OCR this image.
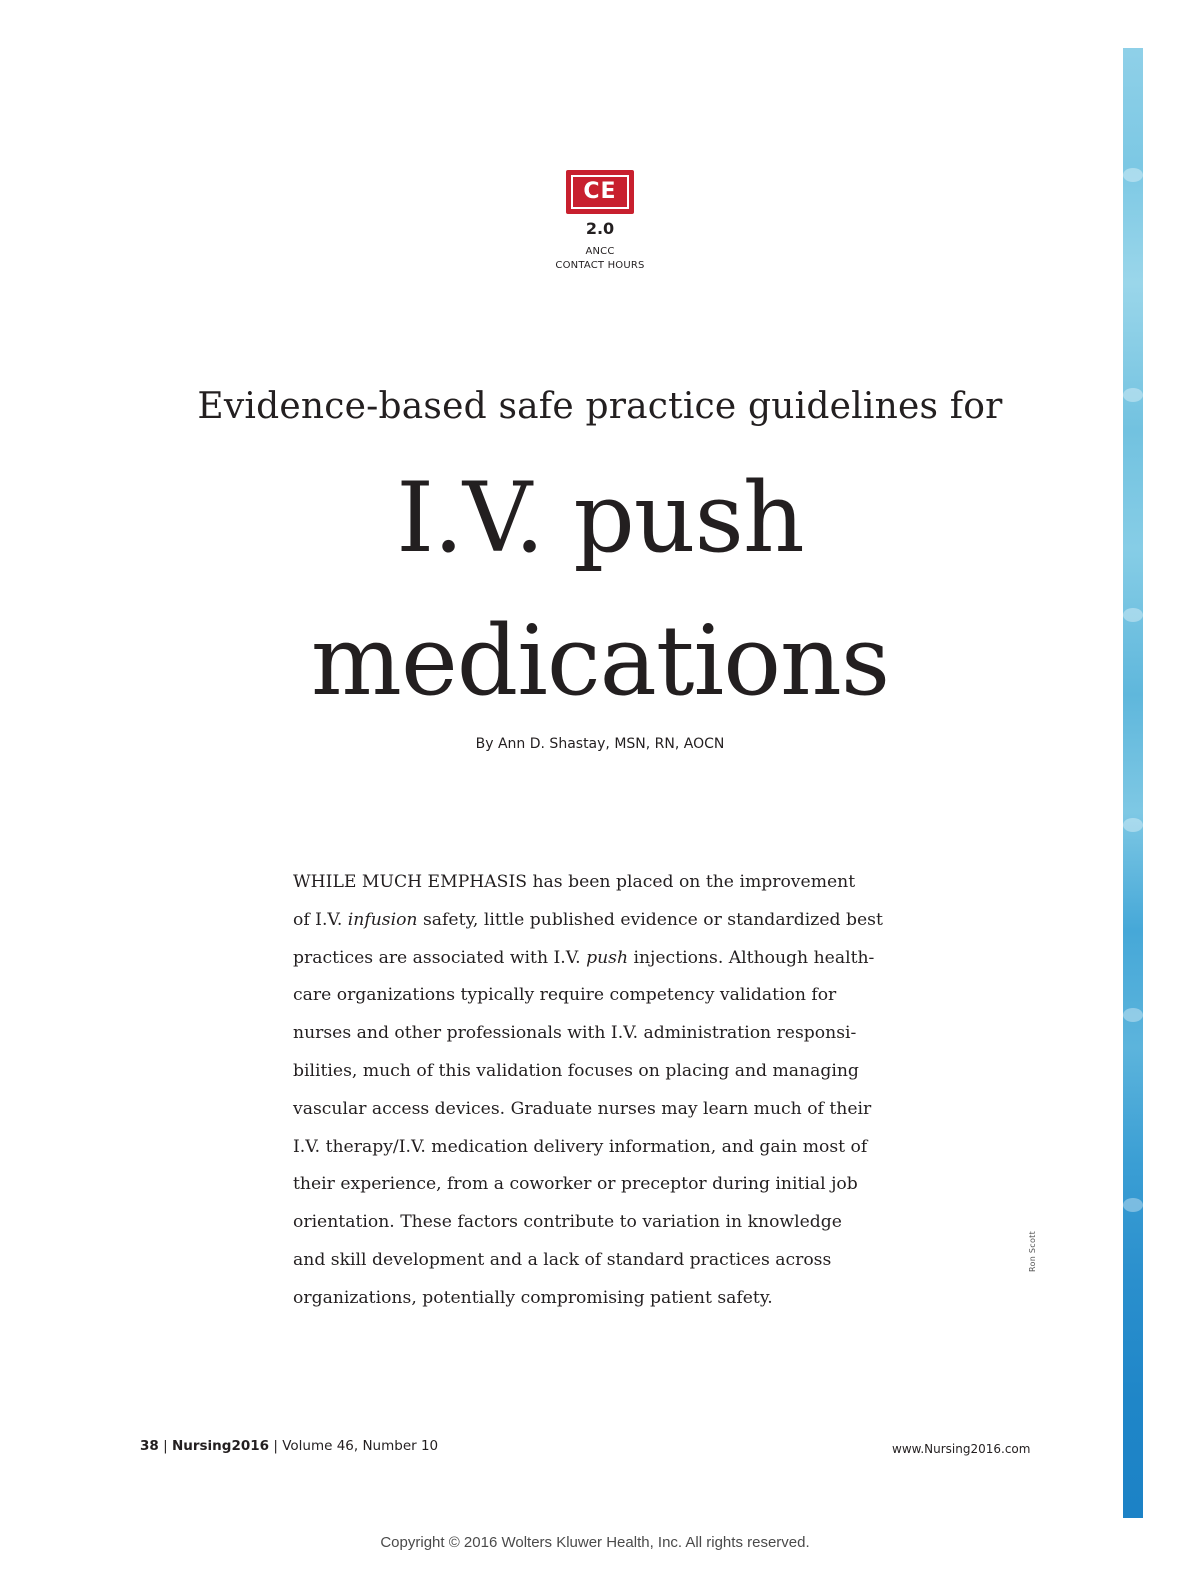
Ron Scott
CE
2.0
ANCC
CONTACT HOURS
Evidence-based safe practice guidelines for
I.V. push
medications
By Ann D. Shastay, MSN, RN, AOCN
WHILE MUCH EMPHASIS has been placed on the improvement
of I.V. infusion safety, little published evidence or standardized best
practices are associated with I.V. push injections. Although health-
care organizations typically require competency validation for
nurses and other professionals with I.V. administration responsi-
bilities, much of this validation focuses on placing and managing
vascular access devices. Graduate nurses may learn much of their
I.V. therapy/I.V. medication delivery information, and gain most of
their experience, from a coworker or preceptor during initial job
orientation. These factors contribute to variation in knowledge
and skill development and a lack of standard practices across
organizations, potentially compromising patient safety.
38 | Nursing2016 | Volume 46, Number 10	www.Nursing2016.com
Copyright © 2016 Wolters Kluwer Health, Inc. All rights reserved.
